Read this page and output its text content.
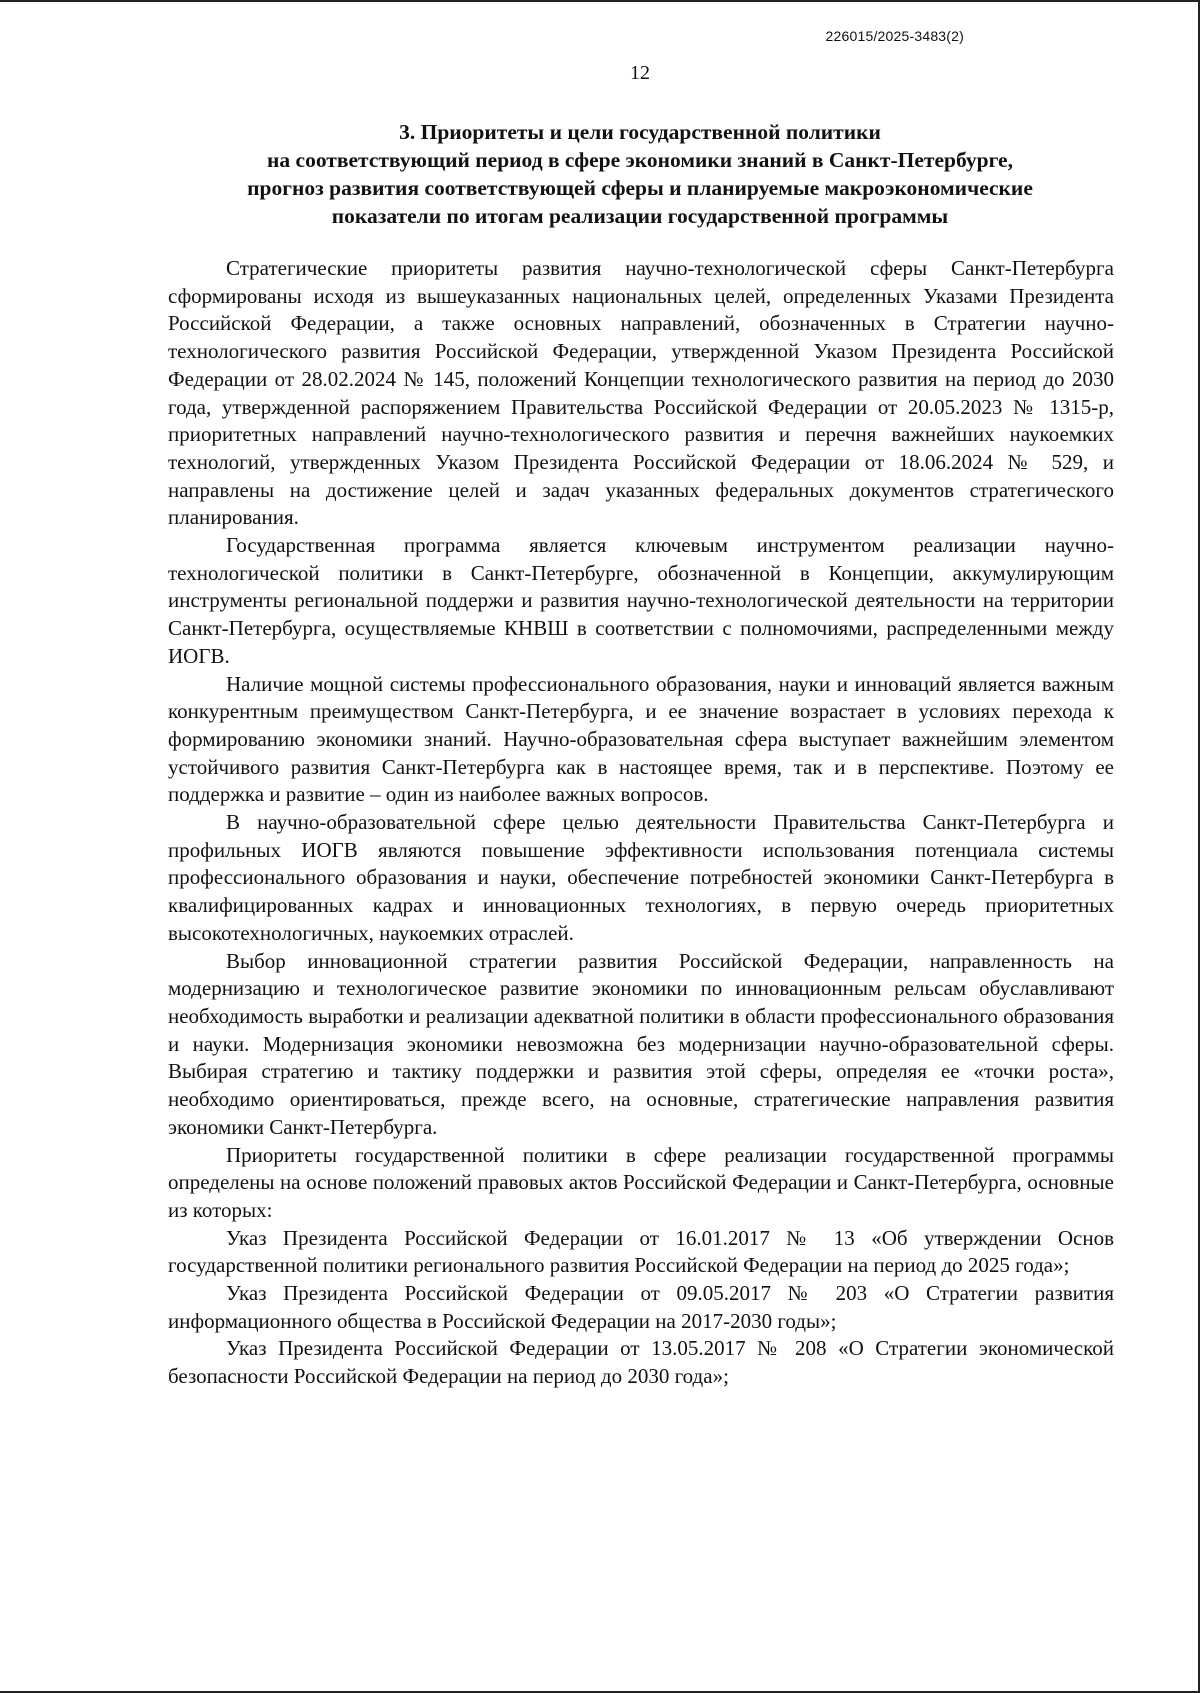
226015/2025-3483(2)
12
3. Приоритеты и цели государственной политики
на соответствующий период в сфере экономики знаний в Санкт-Петербурге,
прогноз развития соответствующей сферы и планируемые макроэкономические
показатели по итогам реализации государственной программы

Стратегические приоритеты развития научно-технологической сферы Санкт-Петербурга сформированы исходя из вышеуказанных национальных целей, определенных Указами Президента Российской Федерации, а также основных направлений, обозначенных в Стратегии научно-технологического развития Российской Федерации, утвержденной Указом Президента Российской Федерации от 28.02.2024 № 145, положений Концепции технологического развития на период до 2030 года, утвержденной распоряжением Правительства Российской Федерации от 20.05.2023 № 1315-р, приоритетных направлений научно-технологического развития и перечня важнейших наукоемких технологий, утвержденных Указом Президента Российской Федерации от 18.06.2024 № 529, и направлены на достижение целей и задач указанных федеральных документов стратегического планирования.

Государственная программа является ключевым инструментом реализации научно-технологической политики в Санкт-Петербурге, обозначенной в Концепции, аккумулирующим инструменты региональной поддержи и развития научно-технологической деятельности на территории Санкт-Петербурга, осуществляемые КНВШ в соответствии с полномочиями, распределенными между ИОГВ.

Наличие мощной системы профессионального образования, науки и инноваций является важным конкурентным преимуществом Санкт-Петербурга, и ее значение возрастает в условиях перехода к формированию экономики знаний. Научно-образовательная сфера выступает важнейшим элементом устойчивого развития Санкт-Петербурга как в настоящее время, так и в перспективе. Поэтому ее поддержка и развитие – один из наиболее важных вопросов.

В научно-образовательной сфере целью деятельности Правительства Санкт-Петербурга и профильных ИОГВ являются повышение эффективности использования потенциала системы профессионального образования и науки, обеспечение потребностей экономики Санкт-Петербурга в квалифицированных кадрах и инновационных технологиях, в первую очередь приоритетных высокотехнологичных, наукоемких отраслей.

Выбор инновационной стратегии развития Российской Федерации, направленность на модернизацию и технологическое развитие экономики по инновационным рельсам обуславливают необходимость выработки и реализации адекватной политики в области профессионального образования и науки. Модернизация экономики невозможна без модернизации научно-образовательной сферы. Выбирая стратегию и тактику поддержки и развития этой сферы, определяя ее «точки роста», необходимо ориентироваться, прежде всего, на основные, стратегические направления развития экономики Санкт-Петербурга.

Приоритеты государственной политики в сфере реализации государственной программы определены на основе положений правовых актов Российской Федерации и Санкт-Петербурга, основные из которых:

Указ Президента Российской Федерации от 16.01.2017 № 13 «Об утверждении Основ государственной политики регионального развития Российской Федерации на период до 2025 года»;

Указ Президента Российской Федерации от 09.05.2017 № 203 «О Стратегии развития информационного общества в Российской Федерации на 2017-2030 годы»;

Указ Президента Российской Федерации от 13.05.2017 № 208 «О Стратегии экономической безопасности Российской Федерации на период до 2030 года»;
